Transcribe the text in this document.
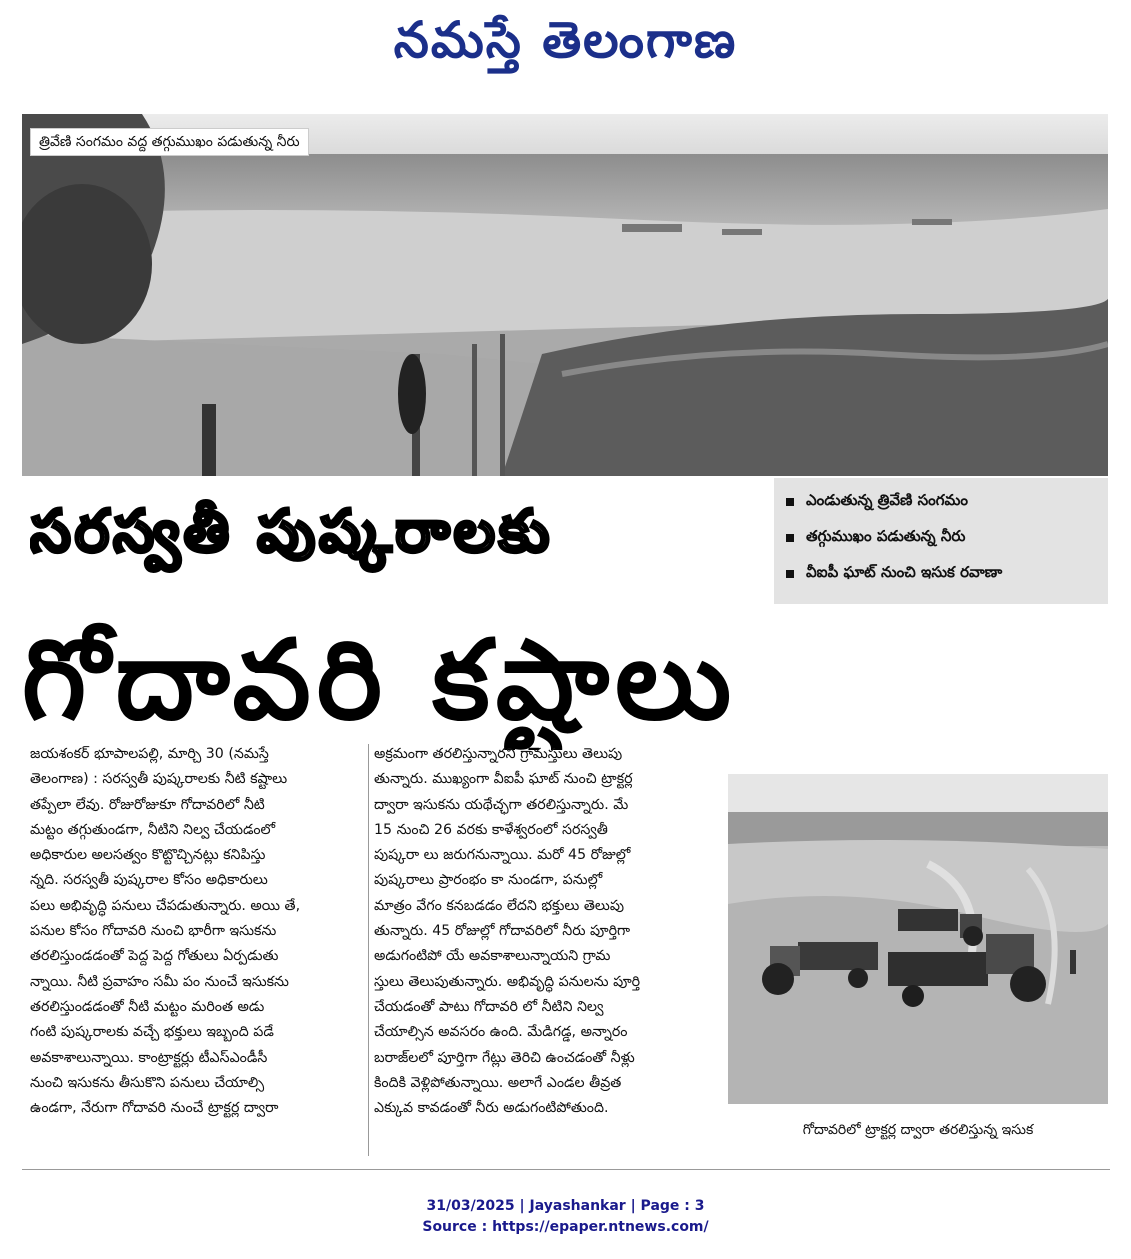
నమస్తే తెలంగాణ
త్రివేణి సంగమం వద్ద తగ్గుముఖం పడుతున్న నీరు
సరస్వతీ పుష్కరాలకు	ఎండుతున్న త్రివేణి సంగమం
తగ్గుముఖం పడుతున్న నీరు
వీఐపీ ఘాట్ నుంచి ఇసుక రవాణా
గోదావరి కష్టాలు

జయశంకర్ భూపాలపల్లి, మార్చి 30 (నమస్తే

తెలంగాణ) : సరస్వతీ పుష్కరాలకు నీటి కష్టాలు

తప్పేలా లేవు. రోజురోజుకూ గోదావరిలో నీటి

మట్టం తగ్గుతుండగా, నీటిని నిల్వ చేయడంలో

అధికారుల అలసత్వం కొట్టొచ్చినట్లు కనిపిస్తు

న్నది. సరస్వతీ పుష్కరాల కోసం అధికారులు

పలు అభివృద్ధి పనులు చేపడుతున్నారు. అయి తే,

పనుల కోసం గోదావరి నుంచి భారీగా ఇసుకను

తరలిస్తుండడంతో పెద్ద పెద్ద గోతులు ఏర్పడుతు

న్నాయి. నీటి ప్రవాహం సమీ పం నుంచే ఇసుకను

తరలిస్తుండడంతో నీటి మట్టం మరింత అడు

గంటి పుష్కరాలకు వచ్చే భక్తులు ఇబ్బంది పడే

అవకాశాలున్నాయి. కాంట్రాక్టర్లు టీఎస్ఎండీసీ

నుంచి ఇసుకను తీసుకొని పనులు చేయాల్సి

ఉండగా, నేరుగా గోదావరి నుంచే ట్రాక్టర్ల ద్వారా

అక్రమంగా తరలిస్తున్నారని గ్రామస్తులు తెలుపు

తున్నారు. ముఖ్యంగా వీఐపీ ఘాట్ నుంచి ట్రాక్టర్ల

ద్వారా ఇసుకను యథేచ్ఛగా తరలిస్తున్నారు. మే

15 నుంచి 26 వరకు కాళేశ్వరంలో సరస్వతీ

పుష్కరా లు జరుగనున్నాయి. మరో 45 రోజుల్లో

పుష్కరాలు ప్రారంభం కా నుండగా, పనుల్లో

మాత్రం వేగం కనబడడం లేదని భక్తులు తెలుపు

తున్నారు. 45 రోజుల్లో గోదావరిలో నీరు పూర్తిగా

అడుగంటిపో యే అవకాశాలున్నాయని గ్రామ

స్తులు తెలుపుతున్నారు. అభివృద్ధి పనులను పూర్తి

చేయడంతో పాటు గోదావరి లో నీటిని నిల్వ

చేయాల్సిన అవసరం ఉంది. మేడిగడ్డ, అన్నారం

బరాజ్‌లలో పూర్తిగా గేట్లు తెరిచి ఉంచడంతో నీళ్లు

కిందికి వెళ్లిపోతున్నాయి. అలాగే ఎండల తీవ్రత

ఎక్కువ కావడంతో నీరు అడుగంటిపోతుంది.

గోదావరిలో ట్రాక్టర్ల ద్వారా తరలిస్తున్న ఇసుక
31/03/2025 | Jayashankar | Page : 3
Source : https://epaper.ntnews.com/
